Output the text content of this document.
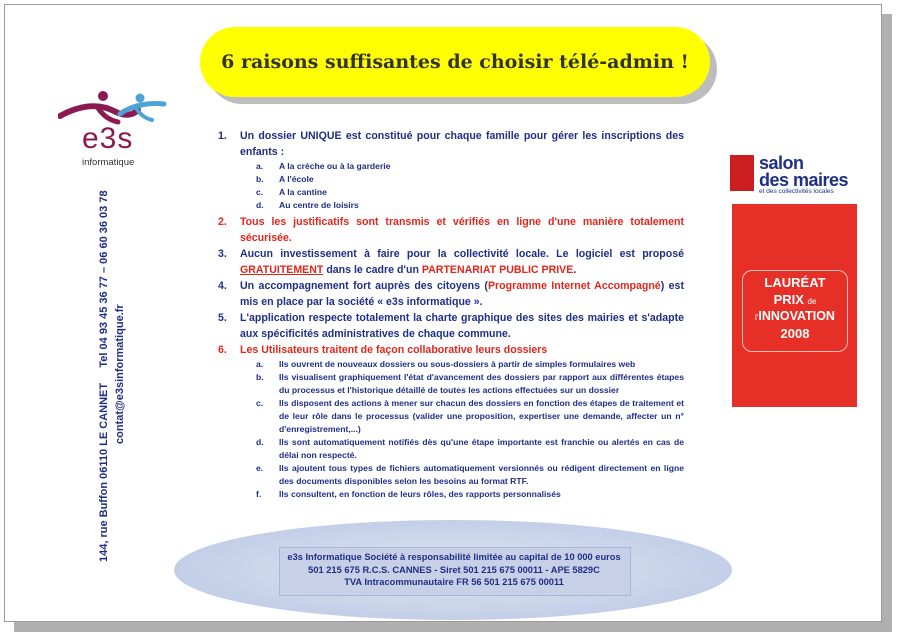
6 raisons suffisantes de choisir télé-admin !
e3s
informatique
144, rue Buffon 06110 LE CANNET     Tel 04 93 45 36 77 – 06 60 36 03 78
contat@e3sinformatique.fr
1. Un dossier UNIQUE est constitué pour chaque famille pour gérer les inscriptions des enfants :
a. A la crèche ou à la garderie
b. A l'école
c. A la cantine
d. Au centre de loisirs
2. Tous les justificatifs sont transmis et vérifiés en ligne d'une manière totalement sécurisée.
3. Aucun investissement à faire pour la collectivité locale. Le logiciel est proposé GRATUITEMENT dans le cadre d'un PARTENARIAT PUBLIC PRIVE.
4. Un accompagnement fort auprès des citoyens (Programme Internet Accompagné) est mis en place par la société « e3s informatique ».
5. L'application respecte totalement la charte graphique des sites des mairies et s'adapte aux spécificités administratives de chaque commune.
6. Les Utilisateurs traitent de façon collaborative leurs dossiers
a. Ils ouvrent de nouveaux dossiers ou sous-dossiers à partir de simples formulaires web
b. Ils visualisent graphiquement l'état d'avancement des dossiers par rapport aux différentes étapes du processus et l'historique détaillé de toutes les actions effectuées sur un dossier
c. Ils disposent des actions à mener sur chacun des dossiers en fonction des étapes de traitement et de leur rôle dans le processus (valider une proposition, expertiser une demande, affecter un n° d'enregistrement,...)
d. Ils sont automatiquement notifiés dès qu'une étape importante est franchie ou alertés en cas de délai non respecté.
e. Ils ajoutent tous types de fichiers automatiquement versionnés ou rédigent directement en ligne des documents disponibles selon les besoins au format RTF.
f. Ils consultent, en fonction de leurs rôles, des rapports personnalisés
salon
des maires
et des collectivités locales
LAURÉAT
PRIX de
l'INNOVATION
2008
e3s Informatique Société à responsabilité limitée au capital de 10 000 euros
501 215 675 R.C.S. CANNES - Siret 501 215 675 00011 - APE 5829C
TVA Intracommunautaire FR 56 501 215 675 00011
